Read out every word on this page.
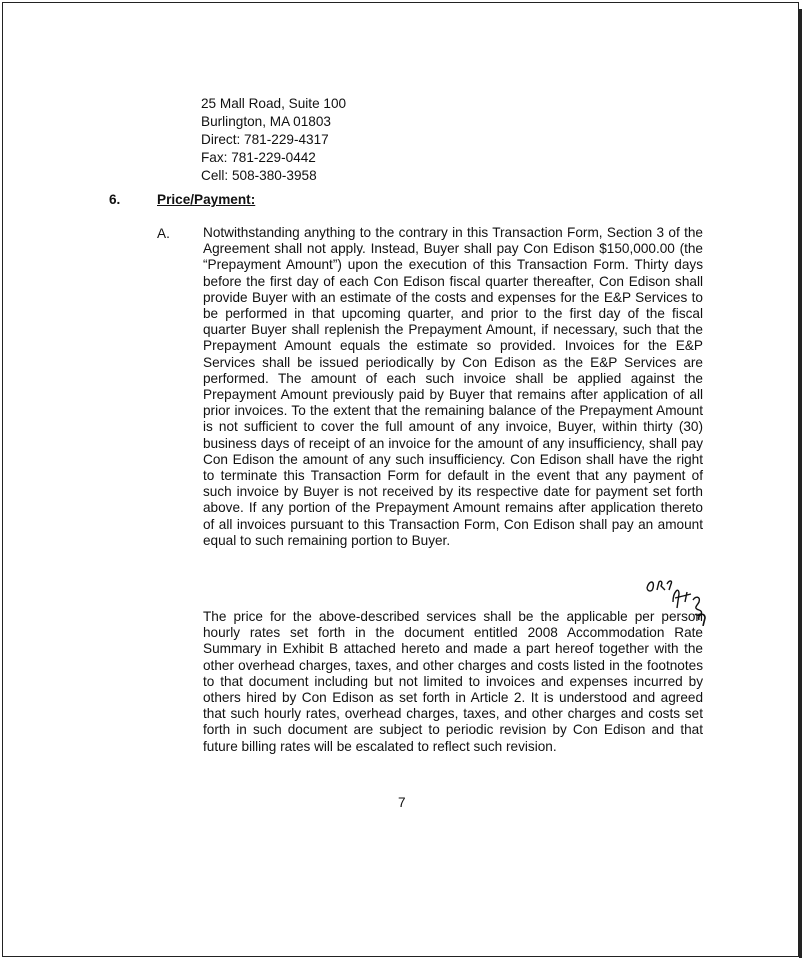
25 Mall Road, Suite 100
Burlington, MA 01803
Direct: 781-229-4317
Fax: 781-229-0442
Cell: 508-380-3958
6.	Price/Payment:
A. Notwithstanding anything to the contrary in this Transaction Form, Section 3 of the Agreement shall not apply. Instead, Buyer shall pay Con Edison $150,000.00 (the “Prepayment Amount”) upon the execution of this Transaction Form. Thirty days before the first day of each Con Edison fiscal quarter thereafter, Con Edison shall provide Buyer with an estimate of the costs and expenses for the E&P Services to be performed in that upcoming quarter, and prior to the first day of the fiscal quarter Buyer shall replenish the Prepayment Amount, if necessary, such that the Prepayment Amount equals the estimate so provided. Invoices for the E&P Services shall be issued periodically by Con Edison as the E&P Services are performed. The amount of each such invoice shall be applied against the Prepayment Amount previously paid by Buyer that remains after application of all prior invoices. To the extent that the remaining balance of the Prepayment Amount is not sufficient to cover the full amount of any invoice, Buyer, within thirty (30) business days of receipt of an invoice for the amount of any insufficiency, shall pay Con Edison the amount of any such insufficiency. Con Edison shall have the right to terminate this Transaction Form for default in the event that any payment of such invoice by Buyer is not received by its respective date for payment set forth above. If any portion of the Prepayment Amount remains after application thereto of all invoices pursuant to this Transaction Form, Con Edison shall pay an amount equal to such remaining portion to Buyer.

The price for the above-described services shall be the applicable per person hourly rates set forth in the document entitled 2008 Accommodation Rate Summary in Exhibit B attached hereto and made a part hereof together with the other overhead charges, taxes, and other charges and costs listed in the footnotes to that document including but not limited to invoices and expenses incurred by others hired by Con Edison as set forth in Article 2. It is understood and agreed that such hourly rates, overhead charges, taxes, and other charges and costs set forth in such document are subject to periodic revision by Con Edison and that future billing rates will be escalated to reflect such revision.

7
